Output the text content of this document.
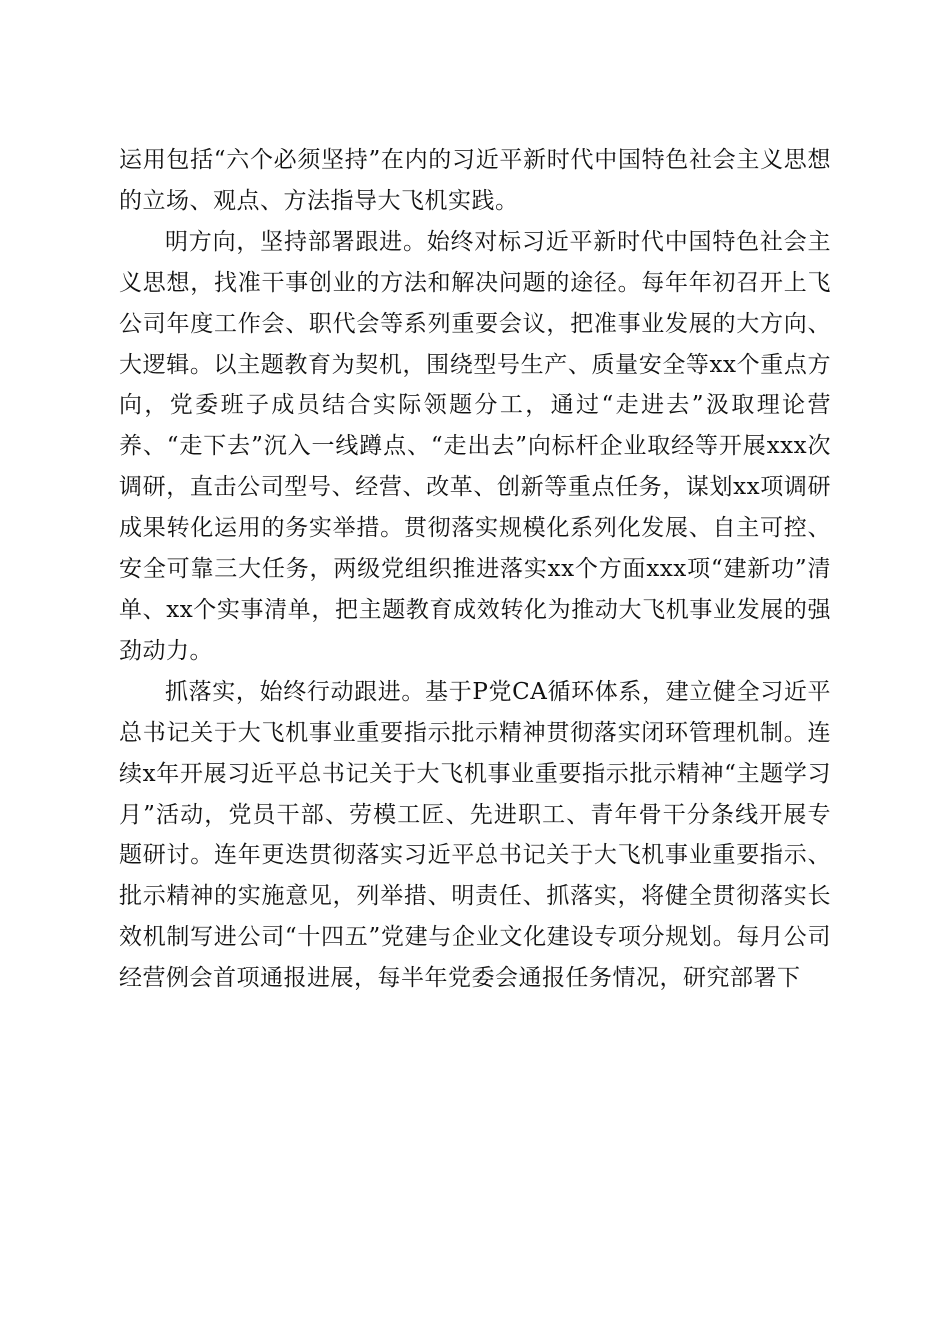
运用包括“六个必须坚持”在内的习近平新时代中国特色社会主义思想的立场、观点、方法指导大飞机实践。

明方向，坚持部署跟进。始终对标习近平新时代中国特色社会主义思想，找准干事创业的方法和解决问题的途径。每年年初召开上飞公司年度工作会、职代会等系列重要会议，把准事业发展的大方向、大逻辑。以主题教育为契机，围绕型号生产、质量安全等xx个重点方向，党委班子成员结合实际领题分工，通过“走进去”汲取理论营养、“走下去”沉入一线蹲点、“走出去”向标杆企业取经等开展xxx次调研，直击公司型号、经营、改革、创新等重点任务，谋划xx项调研成果转化运用的务实举措。贯彻落实规模化系列化发展、自主可控、安全可靠三大任务，两级党组织推进落实xx个方面xxx项“建新功”清单、xx个实事清单，把主题教育成效转化为推动大飞机事业发展的强劲动力。

抓落实，始终行动跟进。基于P党CA循环体系，建立健全习近平总书记关于大飞机事业重要指示批示精神贯彻落实闭环管理机制。连续x年开展习近平总书记关于大飞机事业重要指示批示精神“主题学习月”活动，党员干部、劳模工匠、先进职工、青年骨干分条线开展专题研讨。连年更迭贯彻落实习近平总书记关于大飞机事业重要指示、批示精神的实施意见，列举措、明责任、抓落实，将健全贯彻落实长效机制写进公司“十四五”党建与企业文化建设专项分规划。每月公司经营例会首项通报进展，每半年党委会通报任务情况，研究部署下
